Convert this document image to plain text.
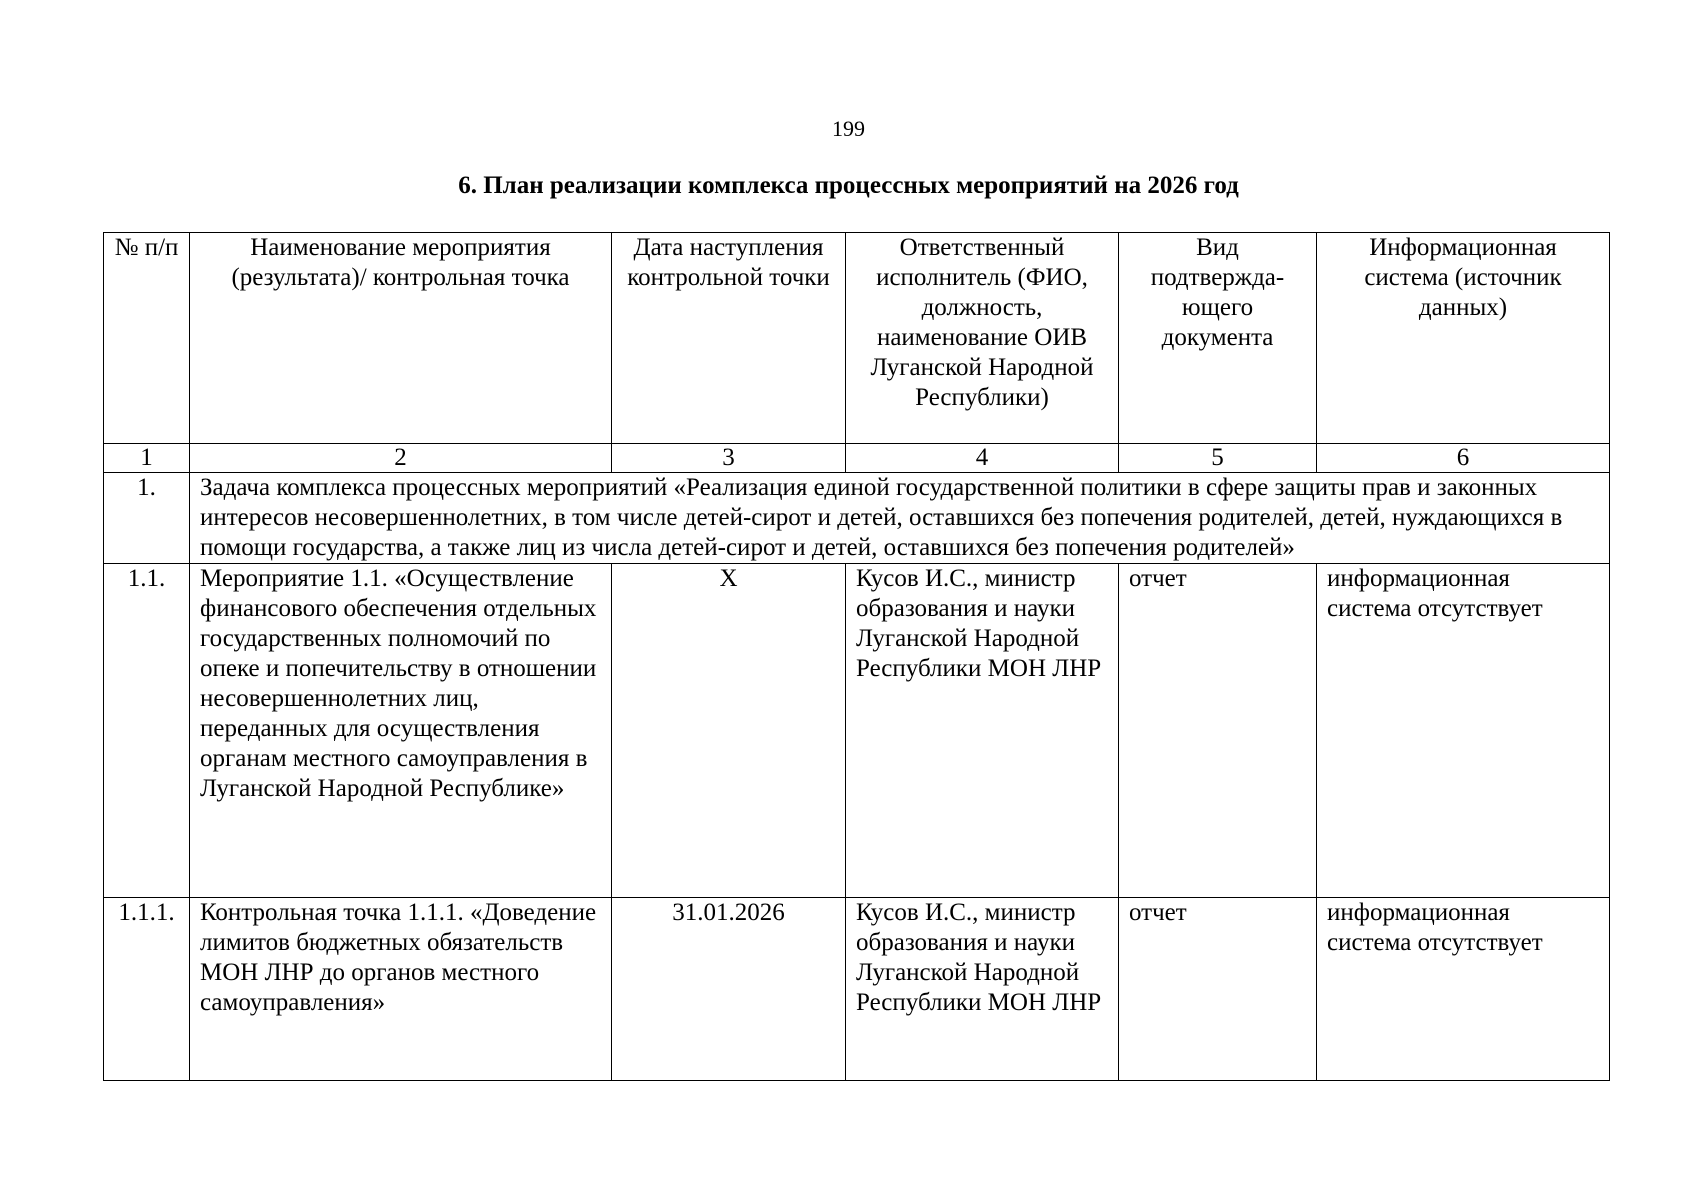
199
6. План реализации комплекса процессных мероприятий на 2026 год
№ п/п	Наименование мероприятия (результата)/ контрольная точка	Дата наступления контрольной точки	Ответственный исполнитель (ФИО, должность, наименование ОИВ Луганской Народной Республики)	Вид подтвержда-ющего документа	Информационная система (источник данных)
1	2	3	4	5	6
1.	Задача комплекса процессных мероприятий «Реализация единой государственной политики в сфере защиты прав и законных интересов несовершеннолетних, в том числе детей-сирот и детей, оставшихся без попечения родителей, детей, нуждающихся в помощи государства, а также лиц из числа детей-сирот и детей, оставшихся без попечения родителей»				
1.1.	Мероприятие 1.1. «Осуществление финансового обеспечения отдельных государственных полномочий по опеке и попечительству в отношении несовершеннолетних лиц, переданных для осуществления органам местного самоуправления в Луганской Народной Республике»	Х	Кусов И.С., министр образования и науки Луганской Народной Республики МОН ЛНР	отчет	информационная система отсутствует
1.1.1.	Контрольная точка 1.1.1. «Доведение лимитов бюджетных обязательств МОН ЛНР до органов местного самоуправления»	31.01.2026	Кусов И.С., министр образования и науки Луганской Народной Республики МОН ЛНР	отчет	информационная система отсутствует
